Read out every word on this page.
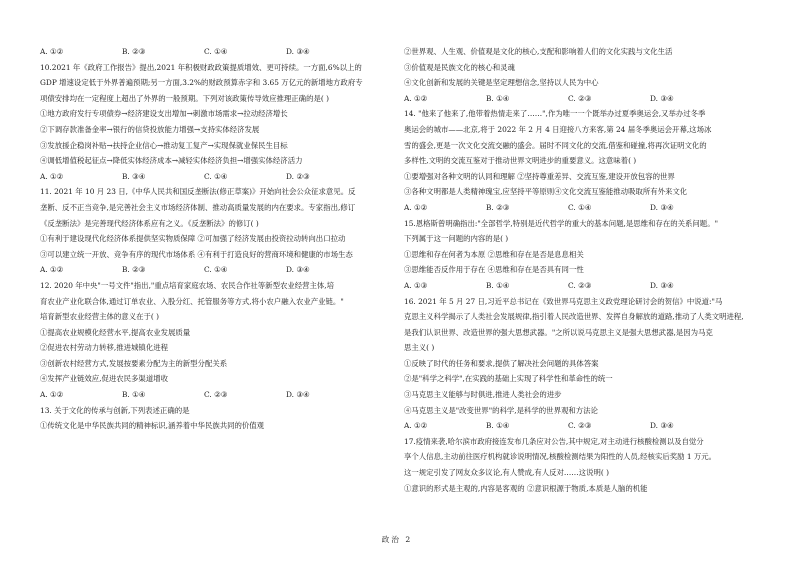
A. ①②	B. ②③	C. ①④	D. ③④

10.2021 年《政府工作报告》提出,2021 年积极财政政策提质增效、更可持续。一方面,6%以上的

GDP 增速设定低于外界普遍预期;另一方面,3.2%的财政预算赤字和 3.65 万亿元的新增地方政府专

项债安排均在一定程度上超出了外界的一般预期。下列对该政策传导效应推理正确的是( )

①地方政府发行专项债券→经济建设支出增加→刺激市场需求→拉动经济增长

②下调存款准备金率→银行的信贷投放能力增强→支持实体经济发展

③发放援企稳岗补贴→扶持企业信心→推动复工复产→实现保就业保民生目标

④调低增值税起征点→降低实体经济成本→减轻实体经济负担→增强实体经济活力

A. ①②	B. ③④	C. ①④	D. ②③

11. 2021 年 10 月 23 日,《中华人民共和国反垄断法(修正草案)》开始向社会公众征求意见。反

垄断、反不正当竞争,是完善社会主义市场经济体制、推动高质量发展的内在要求。专家指出,修订

《反垄断法》是完善现代经济体系应有之义。《反垄断法》的修订( )

①有利于建设现代化经济体系提供坚实物质保障 ②可加强了经济发展由投资拉动转向出口拉动

③可以建立统一开放、竞争有序的现代市场体系 ④有利于打造良好的营商环境和健康的市场生态

A. ①②	B. ②③	C. ①④	D. ③④

12. 2020 年中央"一号文件"指出,"重点培育家庭农场、农民合作社等新型农业经营主体,培

育农业产业化联合体,通过订单农业、入股分红、托管服务等方式,将小农户融入农业产业链。"

培育新型农业经营主体的意义在于( )

①提高农业规模化经营水平,提高农业发展质量

②促进农村劳动力转移,推进城镇化进程

③创新农村经营方式,发展按要素分配为主的新型分配关系

④发挥产业链效应,促进农民多渠道增收

A. ①②	B. ①④	C. ②③	D. ③④

13. 关于文化的传承与创新,下列表述正确的是

①传统文化是中华民族共同的精神标识,涵养着中华民族共同的价值观

②世界观、人生观、价值观是文化的核心,支配和影响着人们的文化实践与文化生活

③价值观是民族文化的核心和灵魂

④文化创新和发展的关键是坚定理想信念,坚持以人民为中心

A. ①②	B. ①④	C. ②③	D. ③④

14. "他来了他来了,他带着热情走来了……",作为唯一一个既举办过夏季奥运会,又举办过冬季

奥运会的城市——北京,将于 2022 年 2 月 4 日迎接八方来客,第 24 届冬季奥运会开幕,这场冰

雪的盛会,更是一次文化交流交融的盛会。届时不同文化的交流,借鉴和碰撞,将再次证明文化的

多样性,文明的交流互鉴对于推动世界文明进步的重要意义。这意味着( )

①要增强对各种文明的认同和理解 ②坚持尊重差异、交流互鉴,建设开放包容的世界

③各种文明都是人类精神瑰宝,应坚持平等原则④文化交流互鉴能推动吸取所有外来文化

A. ①②	B. ②③	C. ①④	D. ③④

15.恩格斯曾明确指出:"全部哲学,特别是近代哲学的重大的基本问题,是思维和存在的关系问题。"

下列属于这一问题的内容的是( )

①思维和存在何者为本原 ②思维和存在是否是息息相关

③思维能否反作用于存在 ④思维和存在是否具有同一性

A. ①③	B. ①④	C. ②③	D. ③④

16. 2021 年 5 月 27 日,习近平总书记在《致世界马克思主义政党理论研讨会的贺信》中说道:"马

克思主义科学揭示了人类社会发展规律,指引着人民改造世界、发挥自身解放的道路,推动了人类文明进程,

是我们认识世界、改造世界的强大思想武器。"之所以说马克思主义是强大思想武器,是因为马克

思主义( )

①反映了时代的任务和要求,提供了解决社会问题的具体答案

②是"科学之科学",在实践的基础上实现了科学性和革命性的统一

③马克思主义能够与时俱进,推进人类社会的进步

④马克思主义是"改变世界"的科学,是科学的世界观和方法论

A. ①②	B. ①④	C. ②③	D. ③④

17.疫情来袭,哈尔滨市政府接连发布几条应对公告,其中规定,对主动进行核酸检测以及自觉分

享个人信息,主动前往医疗机构就诊说明情况,核酸检测结果为阳性的人员,经核实后奖励 1 万元。

这一规定引发了网友众多议论,有人赞成,有人反对……这说明( )

①意识的形式是主观的,内容是客观的 ②意识根源于物质,本质是人脑的机能

政治 2
